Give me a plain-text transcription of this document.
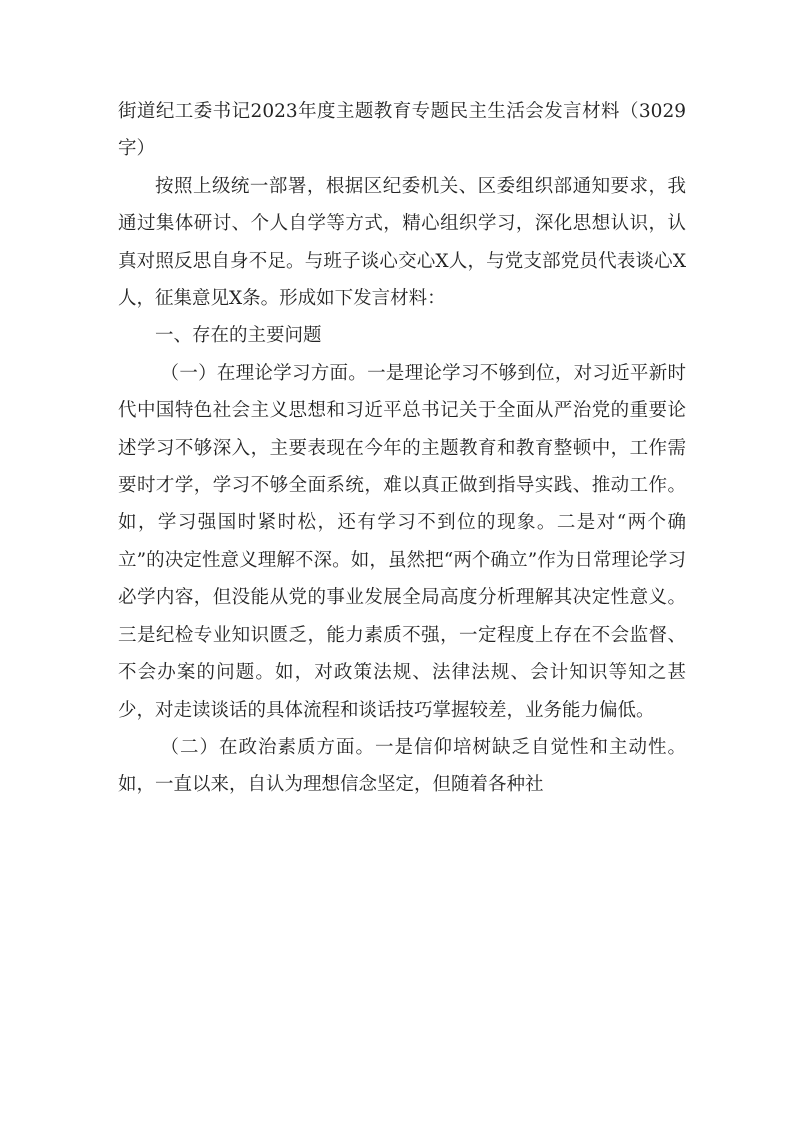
街道纪工委书记2023年度主题教育专题民主生活会发言材料（3029字）

按照上级统一部署，根据区纪委机关、区委组织部通知要求，我通过集体研讨、个人自学等方式，精心组织学习，深化思想认识，认真对照反思自身不足。与班子谈心交心X人，与党支部党员代表谈心X人，征集意见X条。形成如下发言材料：

一、存在的主要问题

（一）在理论学习方面。一是理论学习不够到位，对习近平新时代中国特色社会主义思想和习近平总书记关于全面从严治党的重要论述学习不够深入，主要表现在今年的主题教育和教育整顿中，工作需要时才学，学习不够全面系统，难以真正做到指导实践、推动工作。如，学习强国时紧时松，还有学习不到位的现象。二是对“两个确立”的决定性意义理解不深。如，虽然把“两个确立”作为日常理论学习必学内容，但没能从党的事业发展全局高度分析理解其决定性意义。三是纪检专业知识匮乏，能力素质不强，一定程度上存在不会监督、不会办案的问题。如，对政策法规、法律法规、会计知识等知之甚少，对走读谈话的具体流程和谈话技巧掌握较差，业务能力偏低。

（二）在政治素质方面。一是信仰培树缺乏自觉性和主动性。如，一直以来，自认为理想信念坚定，但随着各种社
